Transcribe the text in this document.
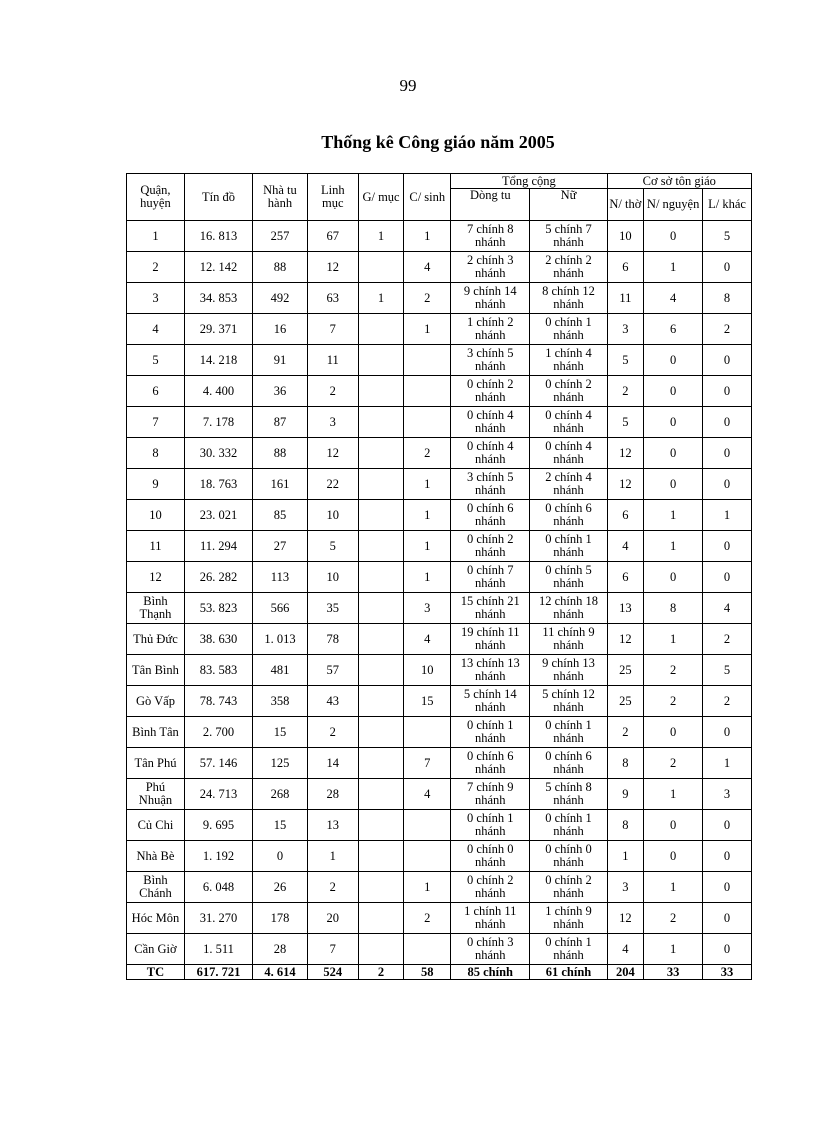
99
Thống kê Công giáo năm 2005
Quận, huyện	Tín đồ	Nhà tu hành	Linh mục	G/ mục	C/ sinh	Tổng cộng		Cơ sở tôn giáo		
						Dòng tu	Nữ	N/ thờ	N/ nguyện	L/ khác
1	16. 813	257	67	1	1	7 chính 8 nhánh	5 chính 7 nhánh	10	0	5
2	12. 142	88	12		4	2 chính 3 nhánh	2 chính 2 nhánh	6	1	0
3	34. 853	492	63	1	2	9 chính 14 nhánh	8 chính 12 nhánh	11	4	8
4	29. 371	16	7		1	1 chính 2 nhánh	0 chính 1 nhánh	3	6	2
5	14. 218	91	11			3 chính 5 nhánh	1 chính 4 nhánh	5	0	0
6	4. 400	36	2			0 chính 2 nhánh	0 chính 2 nhánh	2	0	0
7	7. 178	87	3			0 chính 4 nhánh	0 chính 4 nhánh	5	0	0
8	30. 332	88	12		2	0 chính 4 nhánh	0 chính 4 nhánh	12	0	0
9	18. 763	161	22		1	3 chính 5 nhánh	2 chính 4 nhánh	12	0	0
10	23. 021	85	10		1	0 chính 6 nhánh	0 chính 6 nhánh	6	1	1
11	11. 294	27	5		1	0 chính 2 nhánh	0 chính 1 nhánh	4	1	0
12	26. 282	113	10		1	0 chính 7 nhánh	0 chính 5 nhánh	6	0	0
Bình Thạnh	53. 823	566	35		3	15 chính 21 nhánh	12 chính 18 nhánh	13	8	4
Thủ Đức	38. 630	1. 013	78		4	19 chính 11 nhánh	11 chính 9 nhánh	12	1	2
Tân Bình	83. 583	481	57		10	13 chính 13 nhánh	9 chính 13 nhánh	25	2	5
Gò Vấp	78. 743	358	43		15	5 chính 14 nhánh	5 chính 12 nhánh	25	2	2
Bình Tân	2. 700	15	2			0 chính 1 nhánh	0 chính 1 nhánh	2	0	0
Tân Phú	57. 146	125	14		7	0 chính 6 nhánh	0 chính 6 nhánh	8	2	1
Phú Nhuận	24. 713	268	28		4	7 chính 9 nhánh	5 chính 8 nhánh	9	1	3
Củ Chi	9. 695	15	13			0 chính 1 nhánh	0 chính 1 nhánh	8	0	0
Nhà Bè	1. 192	0	1			0 chính 0 nhánh	0 chính 0 nhánh	1	0	0
Bình Chánh	6. 048	26	2		1	0 chính 2 nhánh	0 chính 2 nhánh	3	1	0
Hóc Môn	31. 270	178	20		2	1 chính 11 nhánh	1 chính 9 nhánh	12	2	0
Cần Giờ	1. 511	28	7			0 chính 3 nhánh	0 chính 1 nhánh	4	1	0
TC	617. 721	4. 614	524	2	58	85 chính	61 chính	204	33	33
